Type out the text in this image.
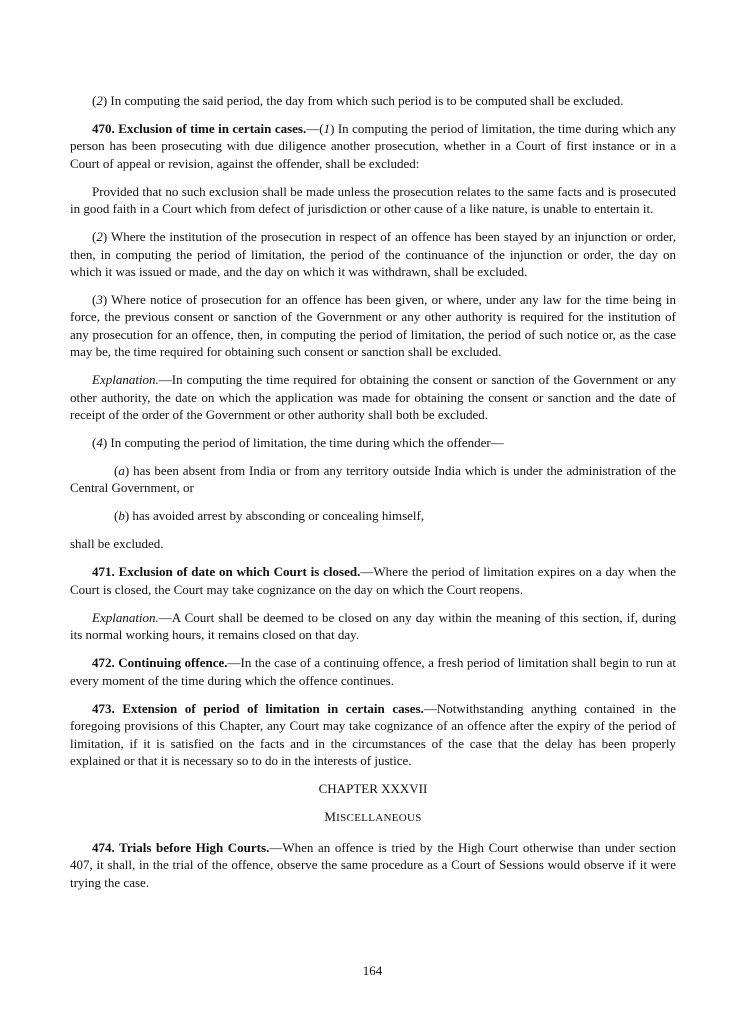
(2) In computing the said period, the day from which such period is to be computed shall be excluded.

470. Exclusion of time in certain cases.—(1) In computing the period of limitation, the time during which any person has been prosecuting with due diligence another prosecution, whether in a Court of first instance or in a Court of appeal or revision, against the offender, shall be excluded:

Provided that no such exclusion shall be made unless the prosecution relates to the same facts and is prosecuted in good faith in a Court which from defect of jurisdiction or other cause of a like nature, is unable to entertain it.

(2) Where the institution of the prosecution in respect of an offence has been stayed by an injunction or order, then, in computing the period of limitation, the period of the continuance of the injunction or order, the day on which it was issued or made, and the day on which it was withdrawn, shall be excluded.

(3) Where notice of prosecution for an offence has been given, or where, under any law for the time being in force, the previous consent or sanction of the Government or any other authority is required for the institution of any prosecution for an offence, then, in computing the period of limitation, the period of such notice or, as the case may be, the time required for obtaining such consent or sanction shall be excluded.

Explanation.—In computing the time required for obtaining the consent or sanction of the Government or any other authority, the date on which the application was made for obtaining the consent or sanction and the date of receipt of the order of the Government or other authority shall both be excluded.

(4) In computing the period of limitation, the time during which the offender—

(a) has been absent from India or from any territory outside India which is under the administration of the Central Government, or

(b) has avoided arrest by absconding or concealing himself,

shall be excluded.

471. Exclusion of date on which Court is closed.—Where the period of limitation expires on a day when the Court is closed, the Court may take cognizance on the day on which the Court reopens.

Explanation.—A Court shall be deemed to be closed on any day within the meaning of this section, if, during its normal working hours, it remains closed on that day.

472. Continuing offence.—In the case of a continuing offence, a fresh period of limitation shall begin to run at every moment of the time during which the offence continues.

473. Extension of period of limitation in certain cases.—Notwithstanding anything contained in the foregoing provisions of this Chapter, any Court may take cognizance of an offence after the expiry of the period of limitation, if it is satisfied on the facts and in the circumstances of the case that the delay has been properly explained or that it is necessary so to do in the interests of justice.

CHAPTER XXXVII
MISCELLANEOUS

474. Trials before High Courts.—When an offence is tried by the High Court otherwise than under section 407, it shall, in the trial of the offence, observe the same procedure as a Court of Sessions would observe if it were trying the case.

164
